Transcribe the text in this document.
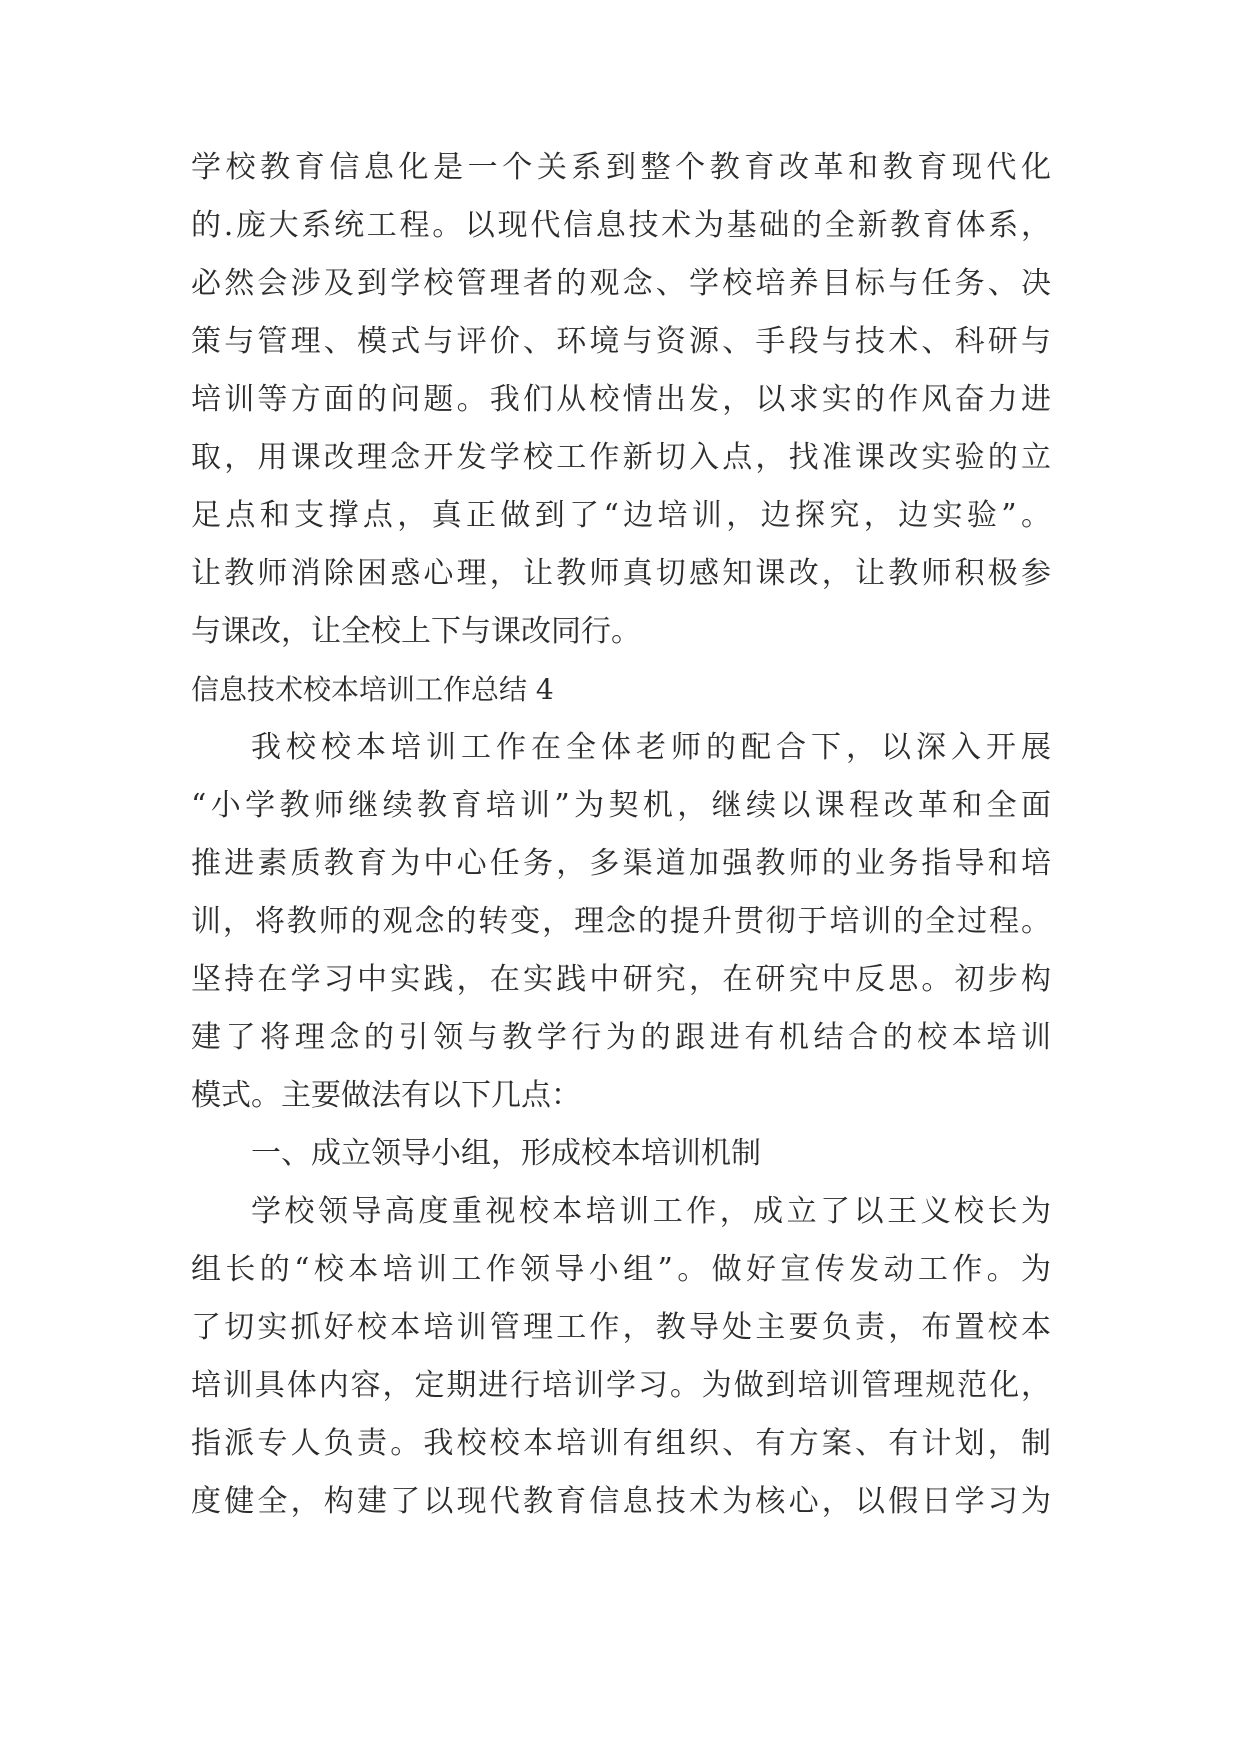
学校教育信息化是一个关系到整个教育改革和教育现代化

的.庞大系统工程。以现代信息技术为基础的全新教育体系，

必然会涉及到学校管理者的观念、学校培养目标与任务、决

策与管理、模式与评价、环境与资源、手段与技术、科研与

培训等方面的问题。我们从校情出发，以求实的作风奋力进

取，用课改理念开发学校工作新切入点，找准课改实验的立

足点和支撑点，真正做到了“边培训，边探究，边实验”。

让教师消除困惑心理，让教师真切感知课改，让教师积极参

与课改，让全校上下与课改同行。

信息技术校本培训工作总结 4

我校校本培训工作在全体老师的配合下，以深入开展

“小学教师继续教育培训”为契机，继续以课程改革和全面

推进素质教育为中心任务，多渠道加强教师的业务指导和培

训，将教师的观念的转变，理念的提升贯彻于培训的全过程。

坚持在学习中实践，在实践中研究，在研究中反思。初步构

建了将理念的引领与教学行为的跟进有机结合的校本培训

模式。主要做法有以下几点：

一、成立领导小组，形成校本培训机制

学校领导高度重视校本培训工作，成立了以王义校长为

组长的“校本培训工作领导小组”。做好宣传发动工作。为

了切实抓好校本培训管理工作，教导处主要负责，布置校本

培训具体内容，定期进行培训学习。为做到培训管理规范化，

指派专人负责。我校校本培训有组织、有方案、有计划，制

度健全，构建了以现代教育信息技术为核心，以假日学习为
